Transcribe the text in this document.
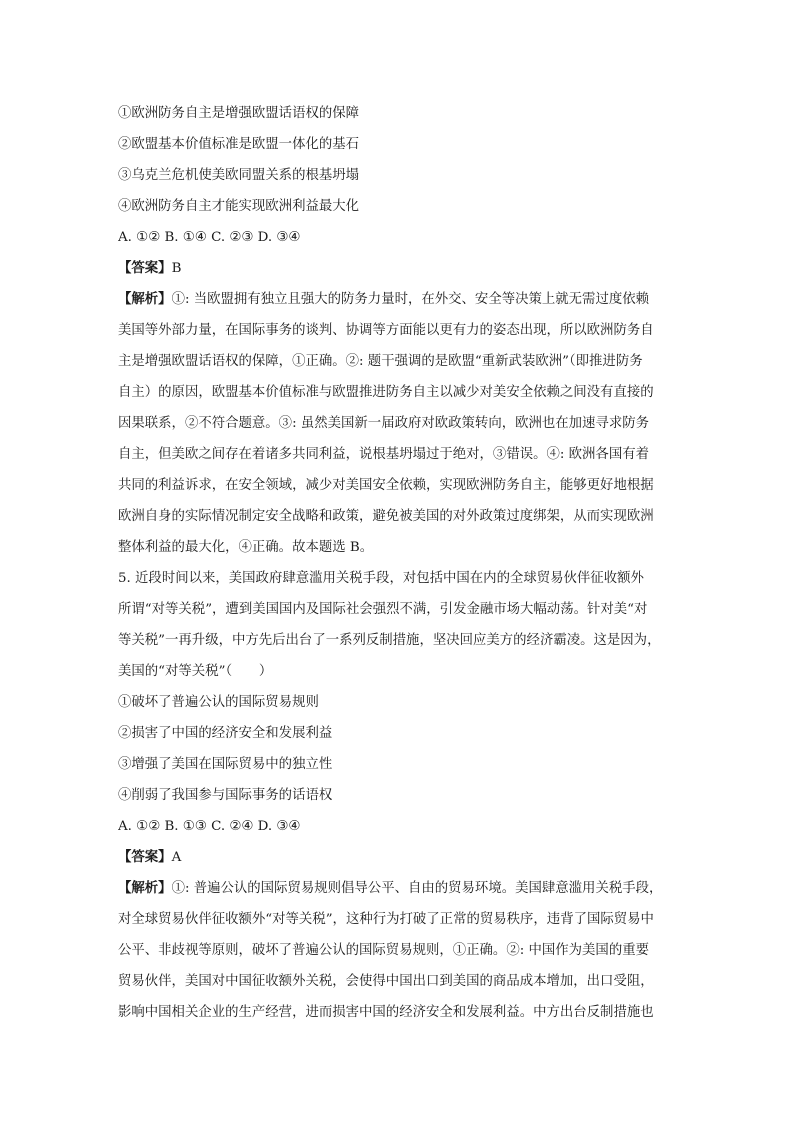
①欧洲防务自主是增强欧盟话语权的保障
②欧盟基本价值标准是欧盟一体化的基石
③乌克兰危机使美欧同盟关系的根基坍塌
④欧洲防务自主才能实现欧洲利益最大化
A. ①② B. ①④ C. ②③ D. ③④
【答案】B
【解析】①: 当欧盟拥有独立且强大的防务力量时，在外交、安全等决策上就无需过度依赖
美国等外部力量，在国际事务的谈判、协调等方面能以更有力的姿态出现，所以欧洲防务自
主是增强欧盟话语权的保障，①正确。②: 题干强调的是欧盟“重新武装欧洲”（即推进防务
自主）的原因，欧盟基本价值标准与欧盟推进防务自主以减少对美安全依赖之间没有直接的
因果联系，②不符合题意。③: 虽然美国新一届政府对欧政策转向，欧洲也在加速寻求防务
自主，但美欧之间存在着诸多共同利益，说根基坍塌过于绝对，③错误。④: 欧洲各国有着
共同的利益诉求，在安全领域，减少对美国安全依赖，实现欧洲防务自主，能够更好地根据
欧洲自身的实际情况制定安全战略和政策，避免被美国的对外政策过度绑架，从而实现欧洲
整体利益的最大化，④正确。故本题选 B。
5. 近段时间以来，美国政府肆意滥用关税手段，对包括中国在内的全球贸易伙伴征收额外
所谓“对等关税”，遭到美国国内及国际社会强烈不满，引发金融市场大幅动荡。针对美“对
等关税”一再升级，中方先后出台了一系列反制措施，坚决回应美方的经济霸凌。这是因为，
美国的“对等关税”（　　）
①破坏了普遍公认的国际贸易规则
②损害了中国的经济安全和发展利益
③增强了美国在国际贸易中的独立性
④削弱了我国参与国际事务的话语权
A. ①② B. ①③ C. ②④ D. ③④
【答案】A
【解析】①: 普遍公认的国际贸易规则倡导公平、自由的贸易环境。美国肆意滥用关税手段，
对全球贸易伙伴征收额外“对等关税”，这种行为打破了正常的贸易秩序，违背了国际贸易中
公平、非歧视等原则，破坏了普遍公认的国际贸易规则，①正确。②: 中国作为美国的重要
贸易伙伴，美国对中国征收额外关税，会使得中国出口到美国的商品成本增加，出口受阻，
影响中国相关企业的生产经营，进而损害中国的经济安全和发展利益。中方出台反制措施也
